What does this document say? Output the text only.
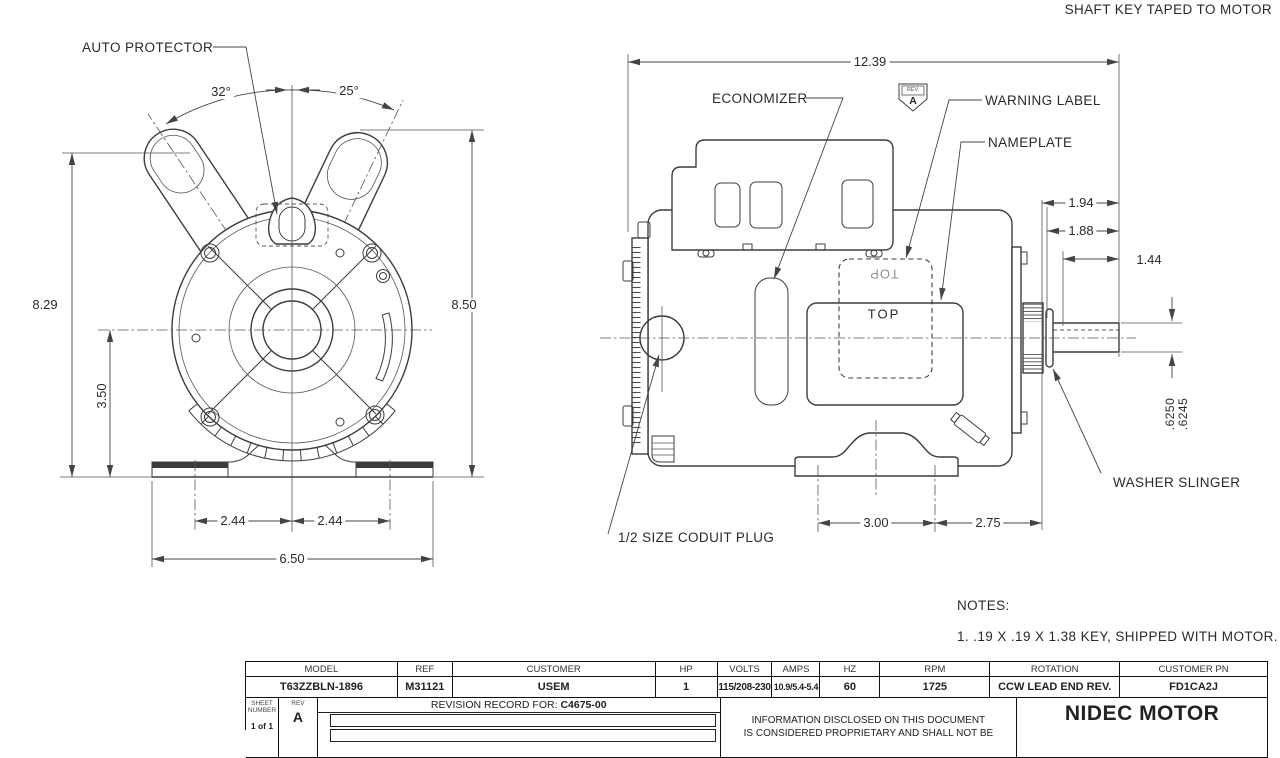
SHAFT KEY TAPED TO MOTOR
AUTO PROTECTOR
32°	25°
8.29
3.50
8.50
2.44	2.44
6.50
ECONOMIZER	WARNING LABEL
NAMEPLATE
REV.
A
12.39
1.94
1.88
1.44
.6250 .6245
WASHER SLINGER
1/2 SIZE CODUIT PLUG
3.00	2.75
TOP
TOP
NOTES:
1. .19 X .19 X 1.38 KEY, SHIPPED WITH MOTOR.
MODEL	REF	CUSTOMER	HP	VOLTS	AMPS	HZ	RPM	ROTATION	CUSTOMER PN
T63ZZBLN-1896	M31121	USEM	1	115/208-230 10.9/5.4-5.4	60	1725	CCW LEAD END REV.	FD1CA2J
SHEET
NUMBER
1 of 1
REV
A
REVISION RECORD FOR: C4675-00
INFORMATION DISCLOSED ON THIS DOCUMENT
IS CONSIDERED PROPRIETARY AND SHALL NOT BE
NIDEC MOTOR
